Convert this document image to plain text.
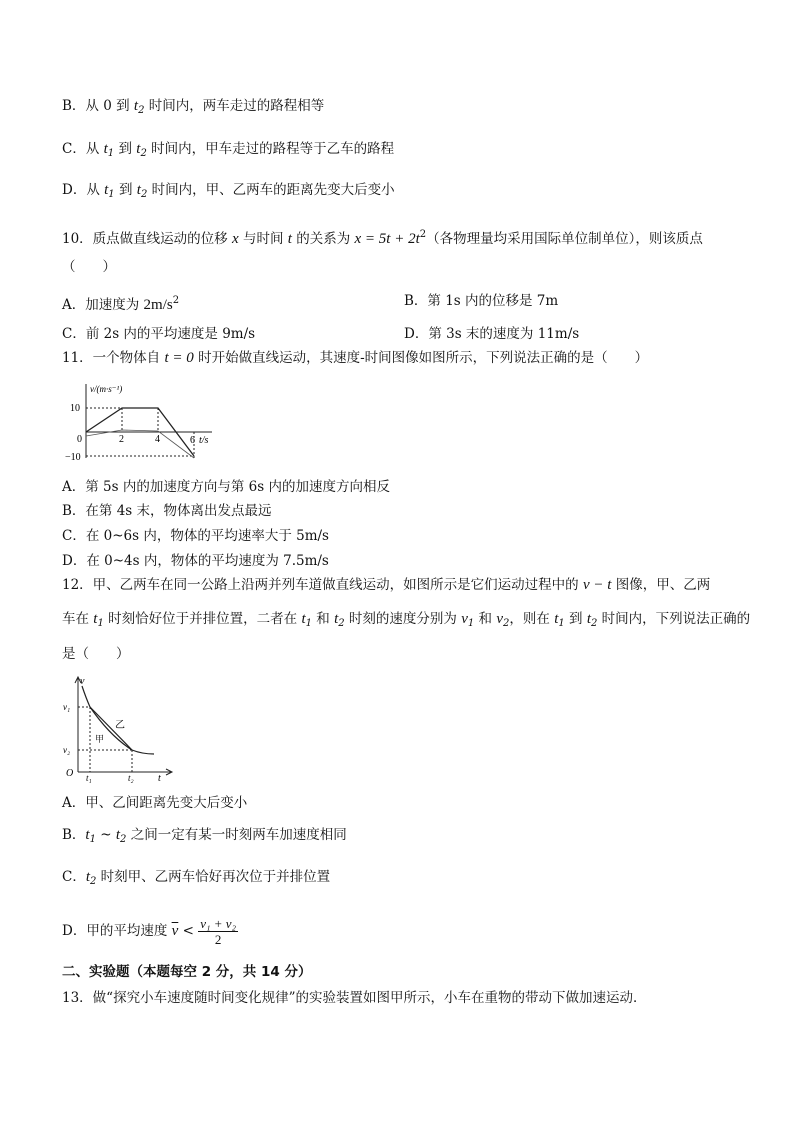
B．从 0 到 $t_2$ 时间内，两车走过的路程相等
C．从 $t_1$ 到 $t_2$ 时间内，甲车走过的路程等于乙车的路程
D．从 $t_1$ 到 $t_2$ 时间内，甲、乙两车的距离先变大后变小
10．质点做直线运动的位移 x 与时间 t 的关系为 $x = 5t + 2t^2$（各物理量均采用国际单位制单位），则该质点
（　　）
A．加速度为 $2m/s^2$	B．第 1s 内的位移是 7m
C．前 2s 内的平均速度是 9m/s	D．第 3s 末的速度为 11m/s
11．一个物体自 t = 0 时开始做直线运动，其速度-时间图像如图所示，下列说法正确的是（　　）
v/(m·s⁻¹)
10
−10
0	2	4	6 t/s
A．第 5s 内的加速度方向与第 6s 内的加速度方向相反
B．在第 4s 末，物体离出发点最远
C．在 0~6s 内，物体的平均速率大于 5m/s
D．在 0~4s 内，物体的平均速度为 7.5m/s
12．甲、乙两车在同一公路上沿两并列车道做直线运动，如图所示是它们运动过程中的 v − t 图像，甲、乙两
车在 $t_1$ 时刻恰好位于并排位置，二者在 $t_1$ 和 $t_2$ 时刻的速度分别为 $v_1$ 和 $v_2$，则在 $t_1$ 到 $t_2$ 时间内，下列说法正确的
是（　　）
v
v₁
v₂
O t₁	t₂ t
乙
甲
A．甲、乙间距离先变大后变小
B．$t_1$ ~ $t_2$ 之间一定有某一时刻两车加速度相同
C．$t_2$ 时刻甲、乙两车恰好再次位于并排位置
D．甲的平均速度 $\overline{v} < \frac{\text{v₁ + v₂}}{2}$
二、实验题（本题每空 2 分，共 14 分）
13．做“探究小车速度随时间变化规律”的实验装置如图甲所示，小车在重物的带动下做加速运动．
